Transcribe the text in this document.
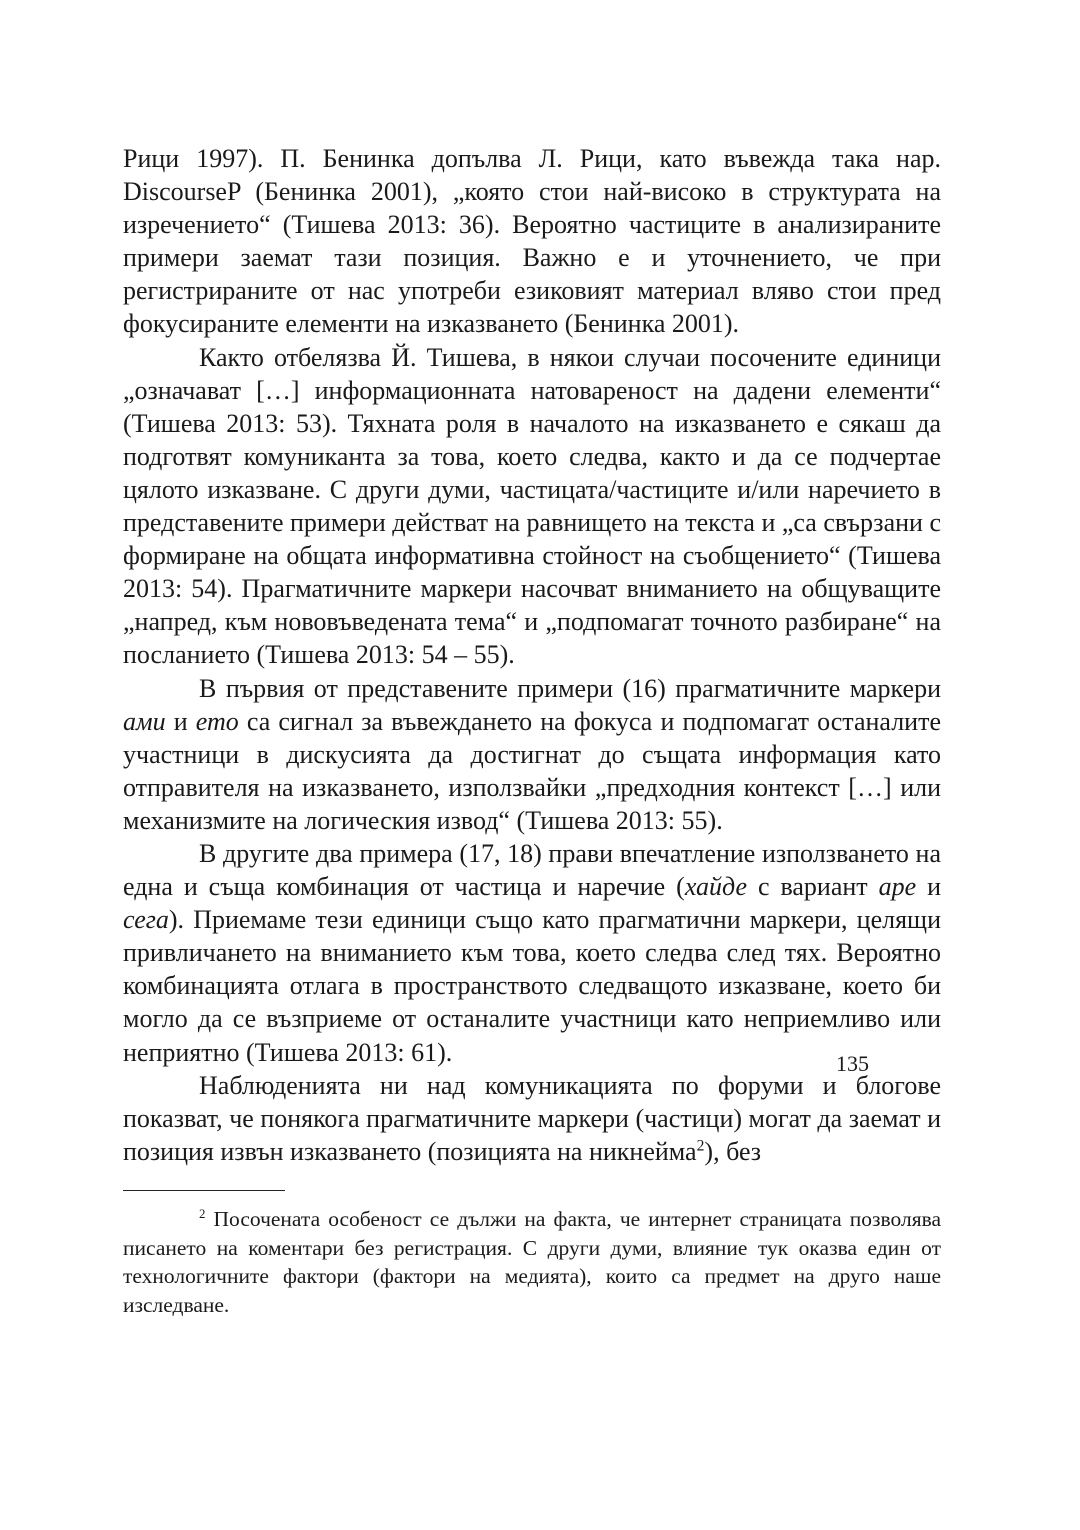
Рици 1997). П. Бенинка допълва Л. Рици, като въвежда така нар. DiscourseP (Бенинка 2001), „която стои най-високо в структурата на изречението“ (Тишева 2013: 36). Вероятно частиците в анализираните примери заемат тази позиция. Важно е и уточнението, че при регистрираните от нас употреби езиковият материал вляво стои пред фокусираните елементи на изказването (Бенинка 2001).

Както отбелязва Й. Тишева, в някои случаи посочените единици „означават […] информационната натовареност на дадени елементи“ (Тишева 2013: 53). Тяхната роля в началото на изказването е сякаш да подготвят комуниканта за това, което следва, както и да се подчертае цялото изказване. С други думи, частицата/частиците и/или наречието в представените примери действат на равнището на текста и „са свързани с формиране на общата информативна стойност на съобщението“ (Тишева 2013: 54). Прагматичните маркери насочват вниманието на общуващите „напред, към нововъведената тема“ и „подпомагат точното разбиране“ на посланието (Тишева 2013: 54 – 55).

В първия от представените примери (16) прагматичните маркери ами и ето са сигнал за въвеждането на фокуса и подпомагат останалите участници в дискусията да достигнат до същата информация като отправителя на изказването, използвайки „предходния контекст […] или механизмите на логическия извод“ (Тишева 2013: 55).

В другите два примера (17, 18) прави впечатление използването на една и съща комбинация от частица и наречие (хайде с вариант аре и сега). Приемаме тези единици също като прагматични маркери, целящи привличането на вниманието към това, което следва след тях. Вероятно комбинацията отлага в пространството следващото изказване, което би могло да се възприеме от останалите участници като неприемливо или неприятно (Тишева 2013: 61).

Наблюденията ни над комуникацията по форуми и блогове показват, че понякога прагматичните маркери (частици) могат да заемат и позиция извън изказването (позицията на никнейма$^2$), без

$^2$ Посочената особеност се дължи на факта, че интернет страницата позволява писането на коментари без регистрация. С други думи, влияние тук оказва един от технологичните фактори (фактори на медията), които са предмет на друго наше изследване.

135
